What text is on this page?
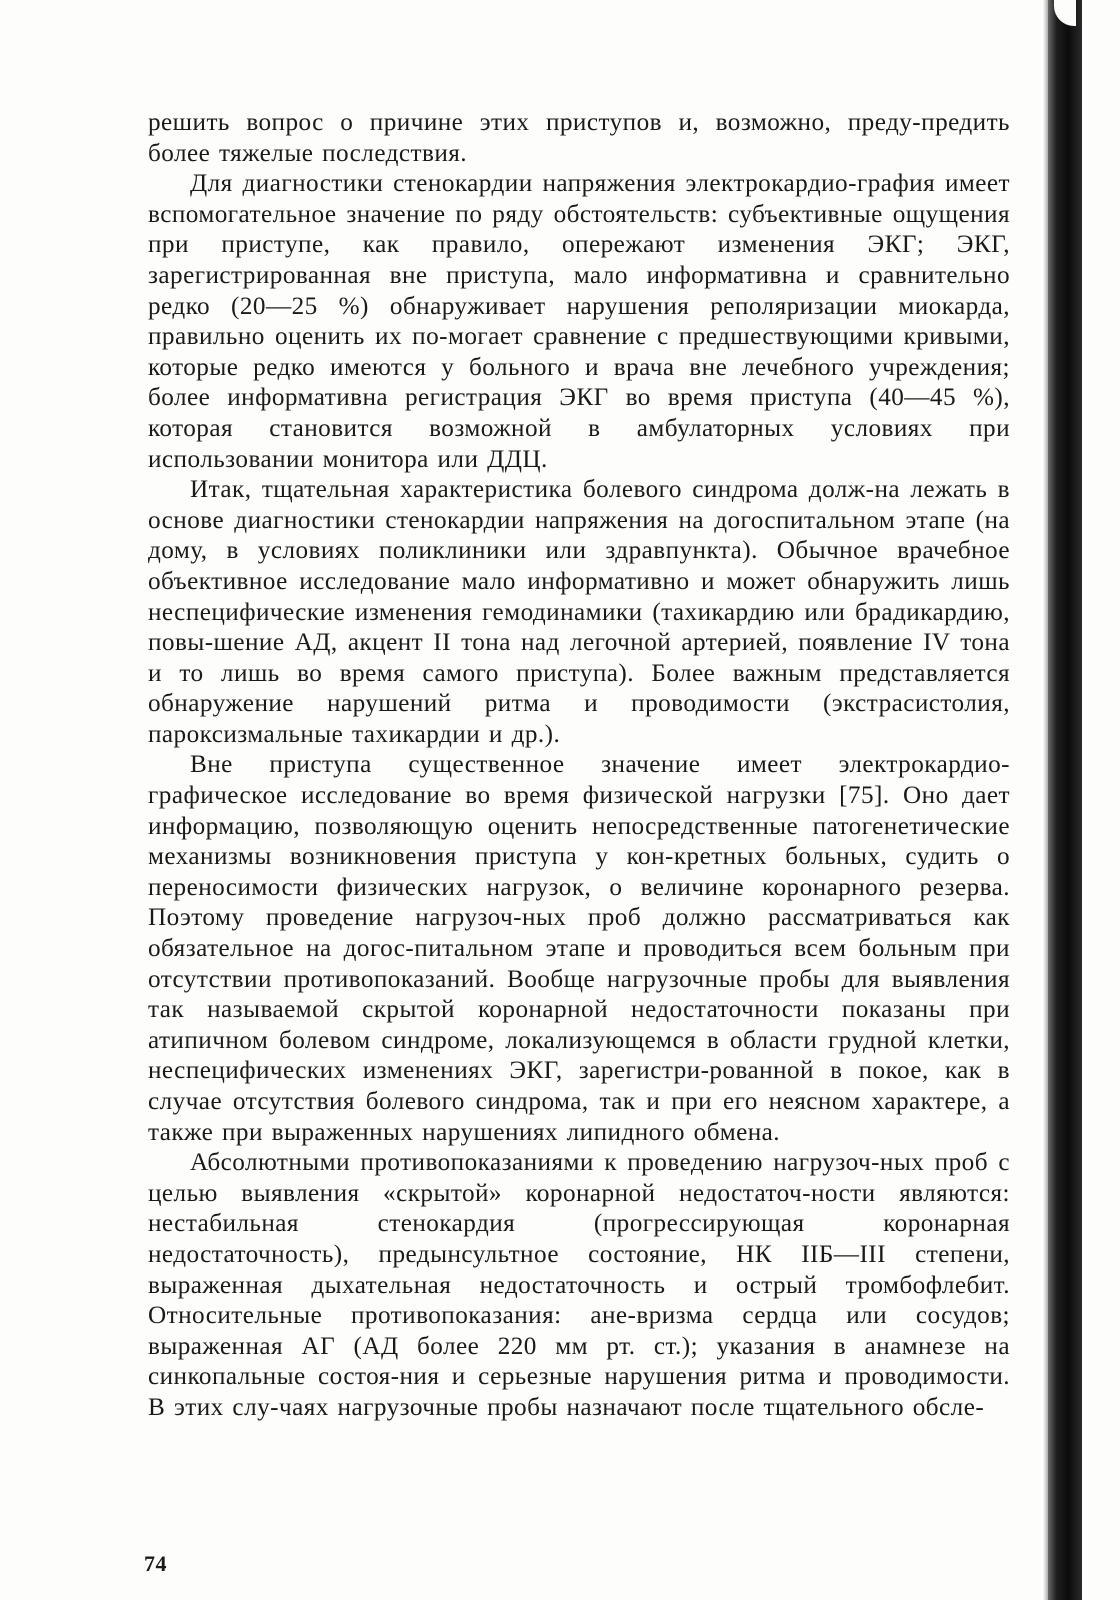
решить вопрос о причине этих приступов и, возможно, преду-предить более тяжелые последствия.

Для диагностики стенокардии напряжения электрокардио-графия имеет вспомогательное значение по ряду обстоятельств: субъективные ощущения при приступе, как правило, опережают изменения ЭКГ; ЭКГ, зарегистрированная вне приступа, мало информативна и сравнительно редко (20—25 %) обнаруживает нарушения реполяризации миокарда, правильно оценить их по-могает сравнение с предшествующими кривыми, которые редко имеются у больного и врача вне лечебного учреждения; более информативна регистрация ЭКГ во время приступа (40—45 %), которая становится возможной в амбулаторных условиях при использовании монитора или ДДЦ.

Итак, тщательная характеристика болевого синдрома долж-на лежать в основе диагностики стенокардии напряжения на догоспитальном этапе (на дому, в условиях поликлиники или здравпункта). Обычное врачебное объективное исследование мало информативно и может обнаружить лишь неспецифические изменения гемодинамики (тахикардию или брадикардию, повы-шение АД, акцент II тона над легочной артерией, появление IV тона и то лишь во время самого приступа). Более важным представляется обнаружение нарушений ритма и проводимости (экстрасистолия, пароксизмальные тахикардии и др.).

Вне приступа существенное значение имеет электрокардио-графическое исследование во время физической нагрузки [75]. Оно дает информацию, позволяющую оценить непосредственные патогенетические механизмы возникновения приступа у кон-кретных больных, судить о переносимости физических нагрузок, о величине коронарного резерва. Поэтому проведение нагрузоч-ных проб должно рассматриваться как обязательное на догос-питальном этапе и проводиться всем больным при отсутствии противопоказаний. Вообще нагрузочные пробы для выявления так называемой скрытой коронарной недостаточности показаны при атипичном болевом синдроме, локализующемся в области грудной клетки, неспецифических изменениях ЭКГ, зарегистри-рованной в покое, как в случае отсутствия болевого синдрома, так и при его неясном характере, а также при выраженных нарушениях липидного обмена.

Абсолютными противопоказаниями к проведению нагрузоч-ных проб с целью выявления «скрытой» коронарной недостаточ-ности являются: нестабильная стенокардия (прогрессирующая коронарная недостаточность), предынсультное состояние, НК IIБ—III степени, выраженная дыхательная недостаточность и острый тромбофлебит. Относительные противопоказания: ане-вризма сердца или сосудов; выраженная АГ (АД более 220 мм рт. ст.); указания в анамнезе на синкопальные состоя-ния и серьезные нарушения ритма и проводимости. В этих слу-чаях нагрузочные пробы назначают после тщательного обсле-

74
